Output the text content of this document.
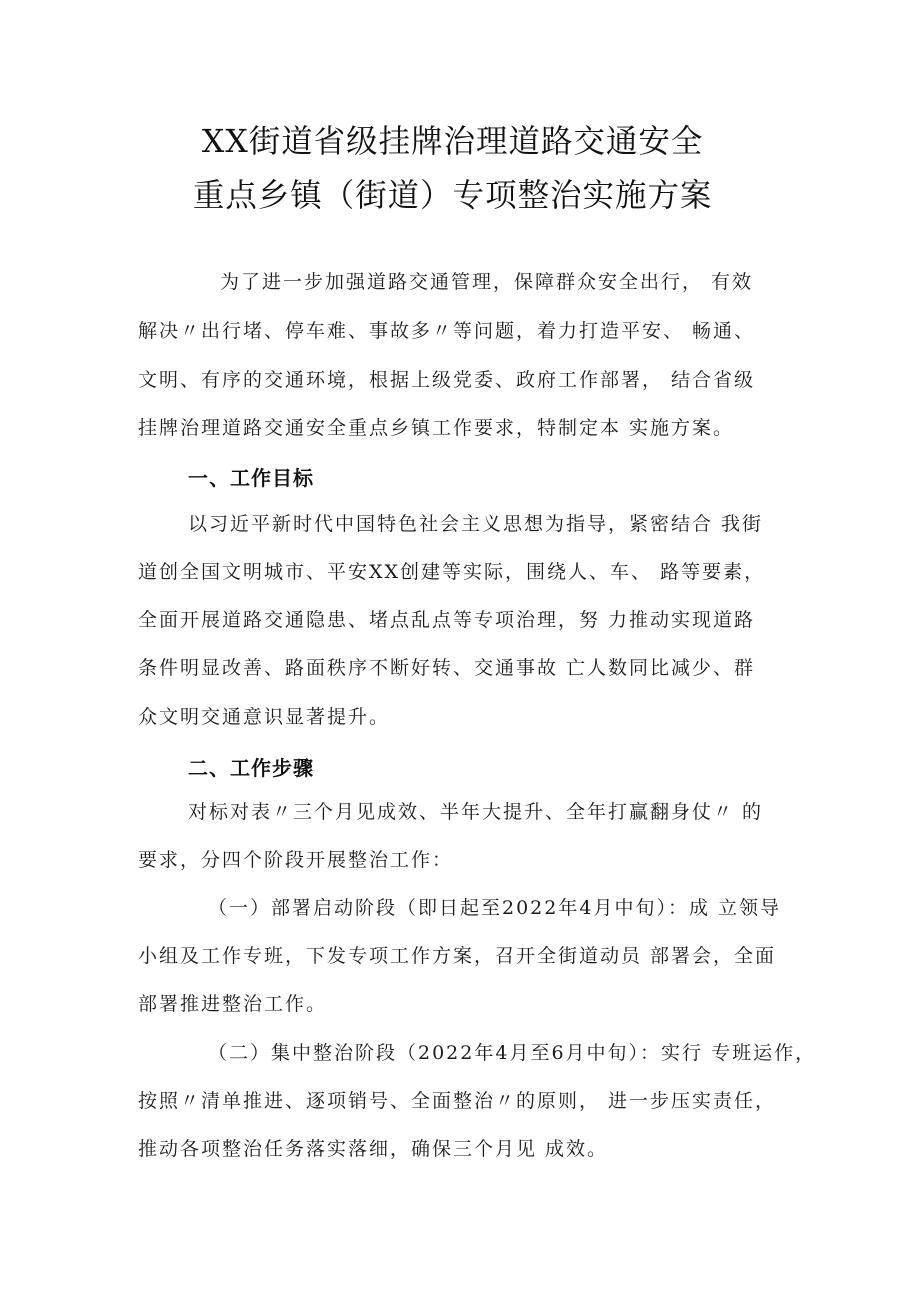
XX街道省级挂牌治理道路交通安全
重点乡镇（街道）专项整治实施方案
为了进一步加强道路交通管理，保障群众安全出行， 有效
解决〃出行堵、停车难、事故多〃等问题，着力打造平安、 畅通、
文明、有序的交通环境，根据上级党委、政府工作部署， 结合省级
挂牌治理道路交通安全重点乡镇工作要求，特制定本 实施方案。
一、工作目标
以习近平新时代中国特色社会主义思想为指导，紧密结合 我街
道创全国文明城市、平安XX创建等实际，围绕人、车、 路等要素，
全面开展道路交通隐患、堵点乱点等专项治理，努 力推动实现道路
条件明显改善、路面秩序不断好转、交通事故 亡人数同比减少、群
众文明交通意识显著提升。
二、工作步骤
对标对表〃三个月见成效、半年大提升、全年打赢翻身仗〃 的
要求，分四个阶段开展整治工作：
（一）部署启动阶段（即日起至2022年4月中旬）：成 立领导
小组及工作专班，下发专项工作方案，召开全街道动员 部署会，全面
部署推进整治工作。
（二）集中整治阶段（2022年4月至6月中旬）：实行 专班运作，
按照〃清单推进、逐项销号、全面整治〃的原则， 进一步压实责任，
推动各项整治任务落实落细，确保三个月见 成效。
